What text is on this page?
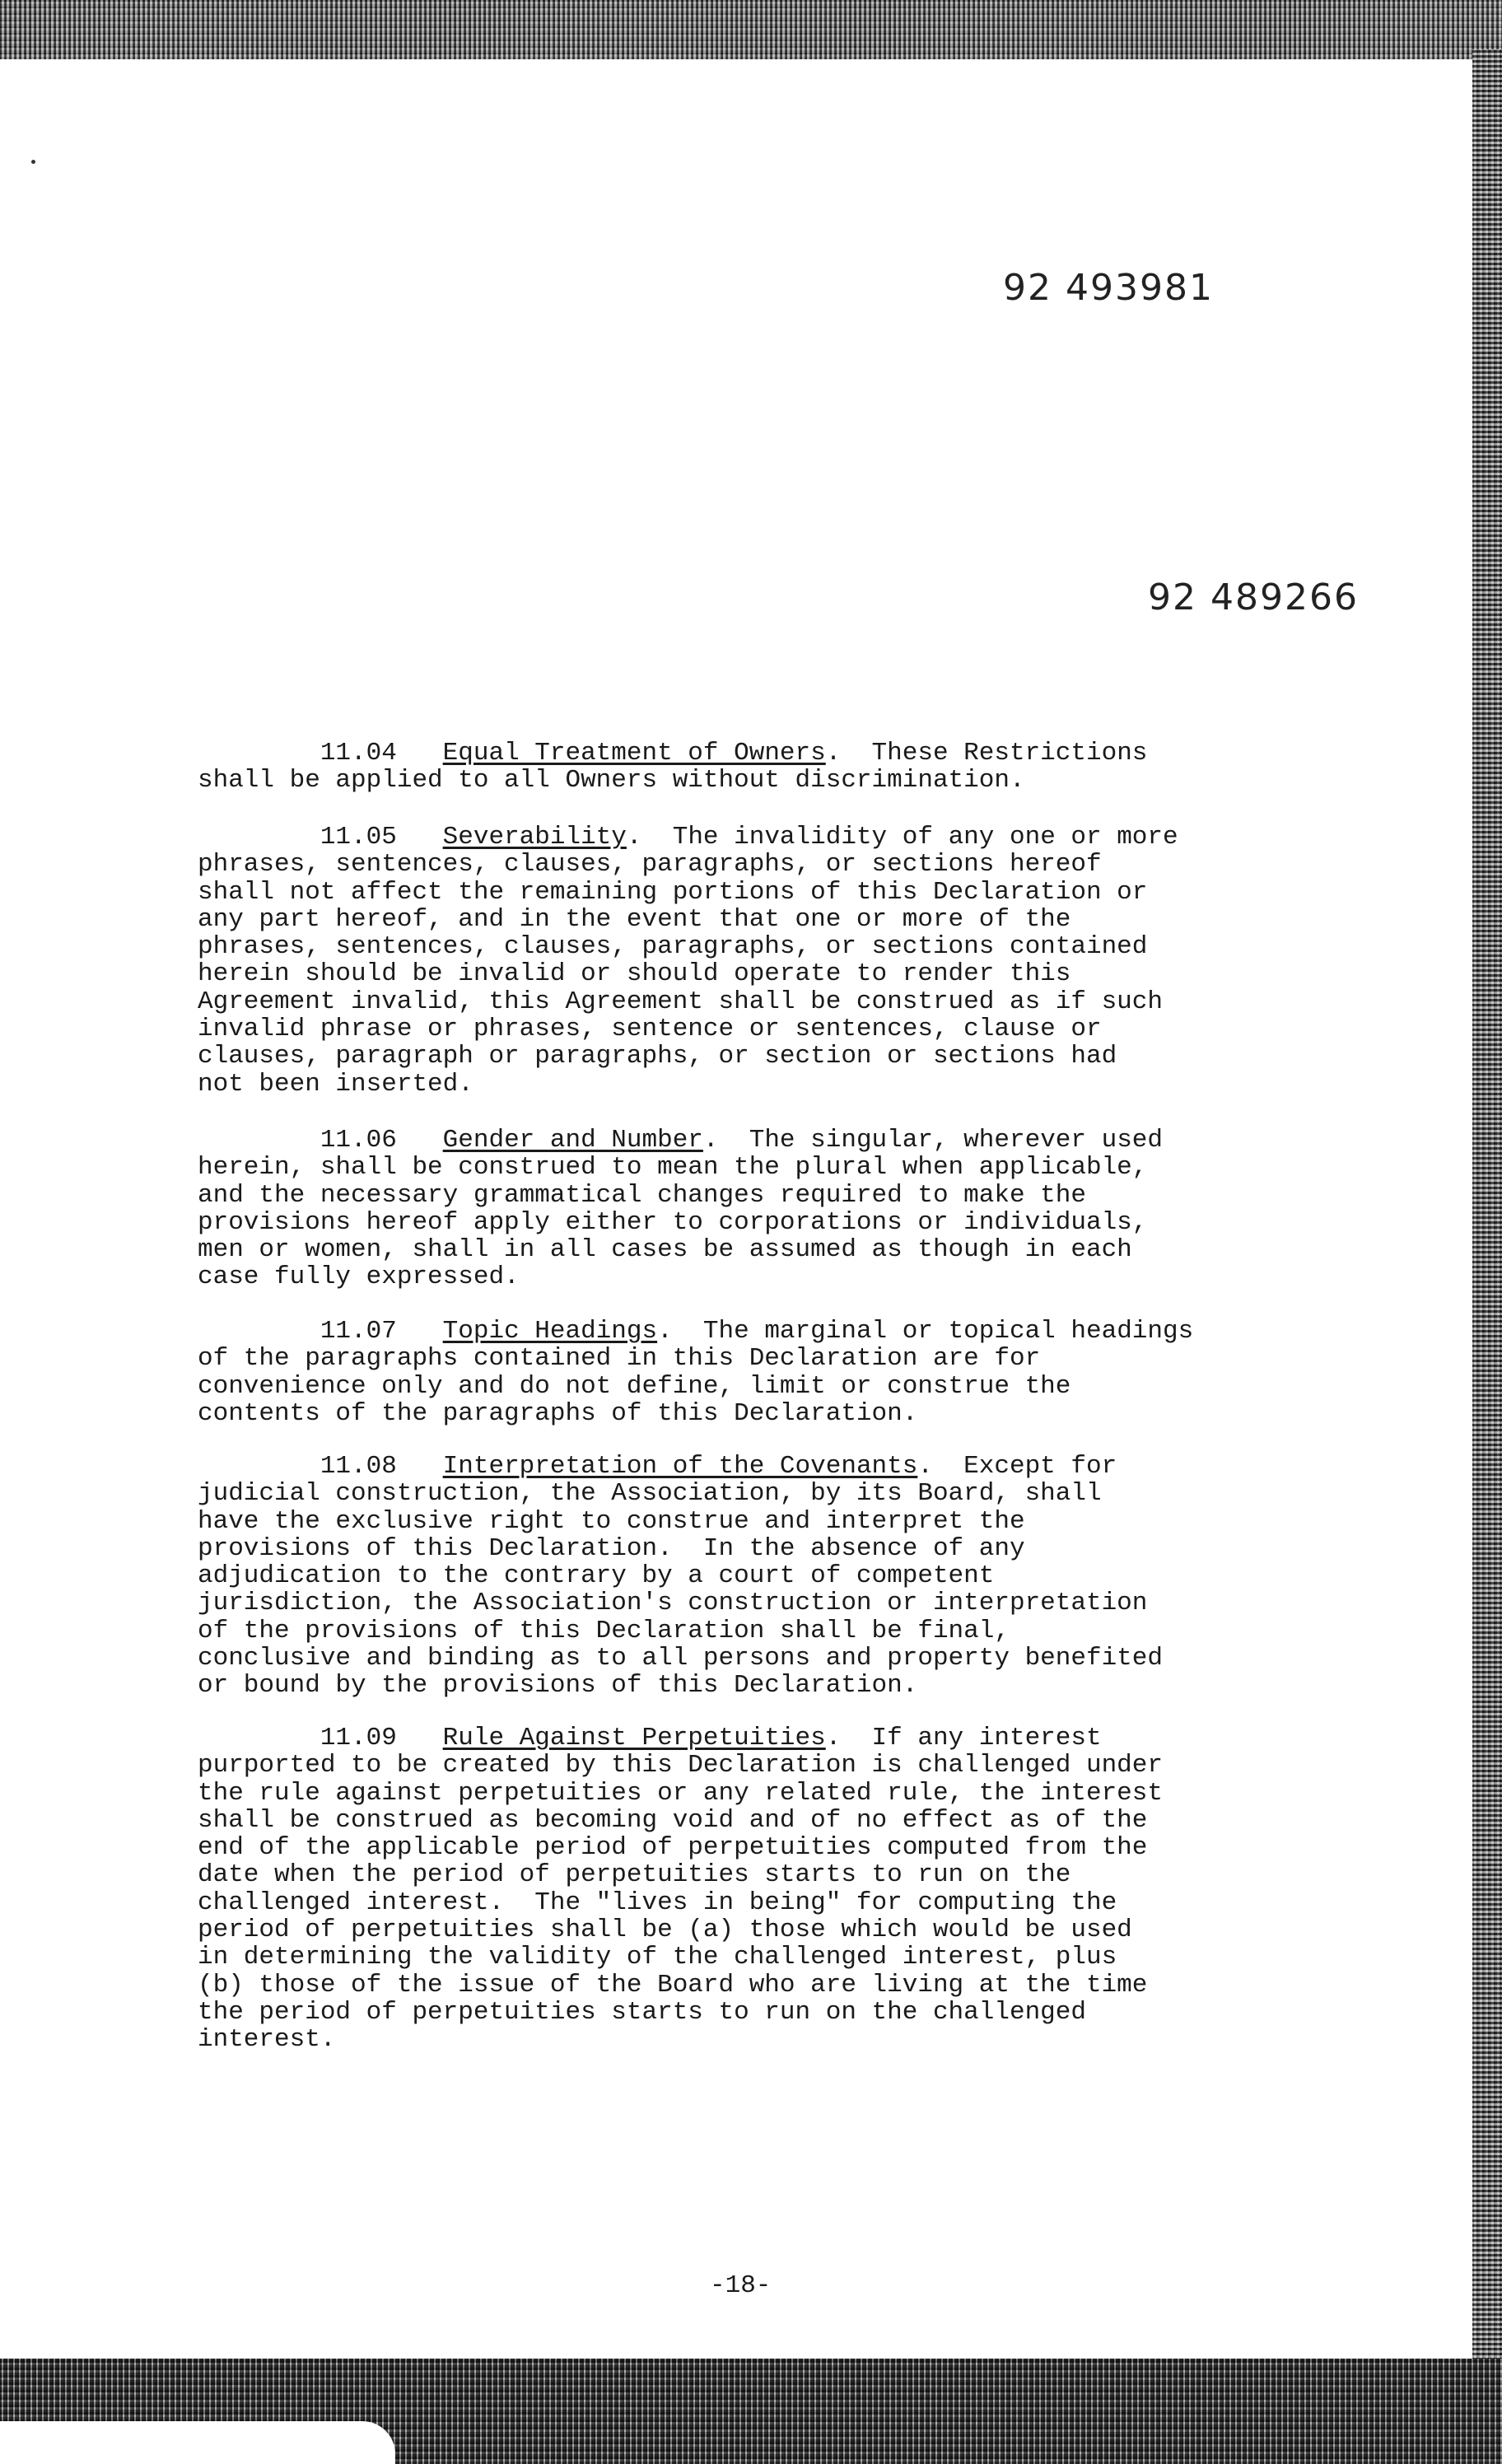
92 493981
92 489266
11.04 Equal Treatment of Owners.  These Restrictions
shall be applied to all Owners without discrimination.
11.05 Severability.  The invalidity of any one or more
phrases, sentences, clauses, paragraphs, or sections hereof
shall not affect the remaining portions of this Declaration or
any part hereof, and in the event that one or more of the
phrases, sentences, clauses, paragraphs, or sections contained
herein should be invalid or should operate to render this
Agreement invalid, this Agreement shall be construed as if such
invalid phrase or phrases, sentence or sentences, clause or
clauses, paragraph or paragraphs, or section or sections had
not been inserted.
11.06 Gender and Number.  The singular, wherever used
herein, shall be construed to mean the plural when applicable,
and the necessary grammatical changes required to make the
provisions hereof apply either to corporations or individuals,
men or women, shall in all cases be assumed as though in each
case fully expressed.
11.07 Topic Headings.  The marginal or topical headings
of the paragraphs contained in this Declaration are for
convenience only and do not define, limit or construe the
contents of the paragraphs of this Declaration.
11.08 Interpretation of the Covenants.  Except for
judicial construction, the Association, by its Board, shall
have the exclusive right to construe and interpret the
provisions of this Declaration.  In the absence of any
adjudication to the contrary by a court of competent
jurisdiction, the Association's construction or interpretation
of the provisions of this Declaration shall be final,
conclusive and binding as to all persons and property benefited
or bound by the provisions of this Declaration.
11.09 Rule Against Perpetuities.  If any interest
purported to be created by this Declaration is challenged under
the rule against perpetuities or any related rule, the interest
shall be construed as becoming void and of no effect as of the
end of the applicable period of perpetuities computed from the
date when the period of perpetuities starts to run on the
challenged interest.  The "lives in being" for computing the
period of perpetuities shall be (a) those which would be used
in determining the validity of the challenged interest, plus
(b) those of the issue of the Board who are living at the time
the period of perpetuities starts to run on the challenged
interest.
-18-
